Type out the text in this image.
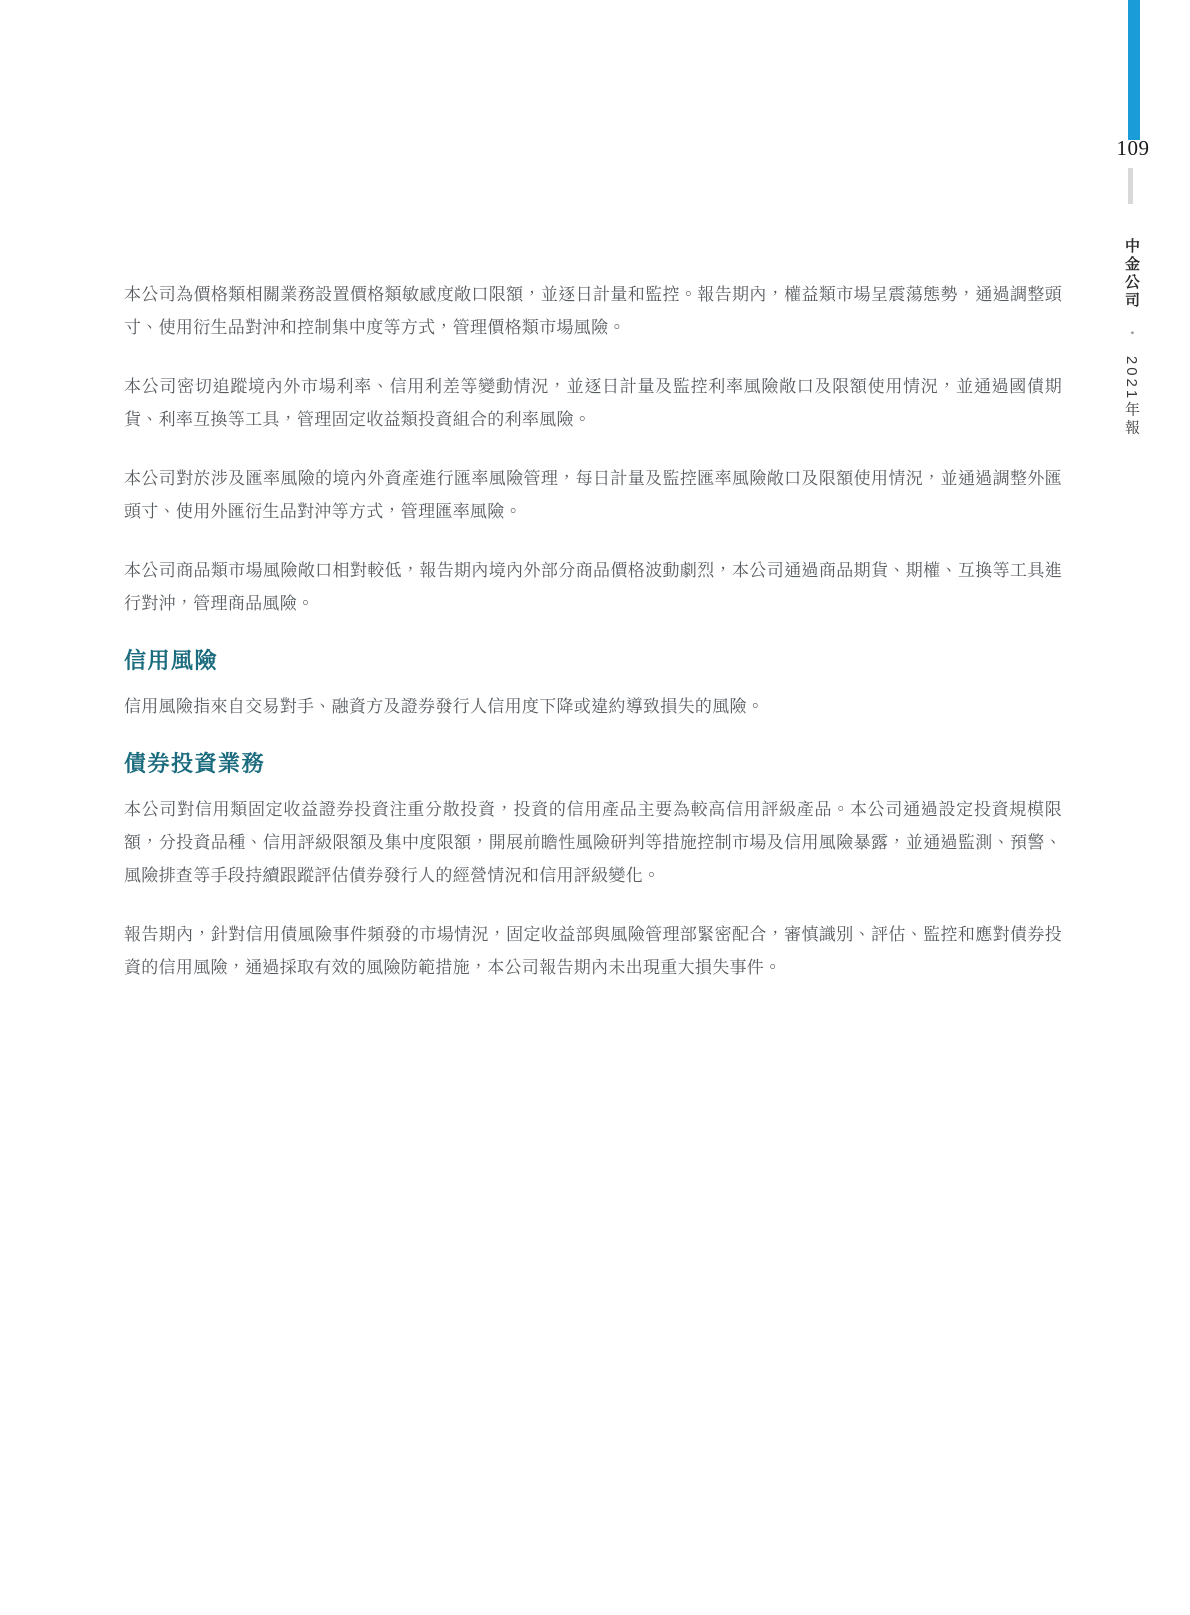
109
中金公司 • 2021年報

本公司為價格類相關業務設置價格類敏感度敞口限額，並逐日計量和監控。報告期內，權益類市場呈震蕩態勢，通過調整頭寸、使用衍生品對沖和控制集中度等方式，管理價格類市場風險。

本公司密切追蹤境內外市場利率、信用利差等變動情況，並逐日計量及監控利率風險敞口及限額使用情況，並通過國債期貨、利率互換等工具，管理固定收益類投資組合的利率風險。

本公司對於涉及匯率風險的境內外資產進行匯率風險管理，每日計量及監控匯率風險敞口及限額使用情況，並通過調整外匯頭寸、使用外匯衍生品對沖等方式，管理匯率風險。

本公司商品類市場風險敞口相對較低，報告期內境內外部分商品價格波動劇烈，本公司通過商品期貨、期權、互換等工具進行對沖，管理商品風險。

信用風險

信用風險指來自交易對手、融資方及證券發行人信用度下降或違約導致損失的風險。

債券投資業務

本公司對信用類固定收益證券投資注重分散投資，投資的信用產品主要為較高信用評級產品。本公司通過設定投資規模限額，分投資品種、信用評級限額及集中度限額，開展前瞻性風險研判等措施控制市場及信用風險暴露，並通過監測、預警、風險排查等手段持續跟蹤評估債券發行人的經營情況和信用評級變化。

報告期內，針對信用債風險事件頻發的市場情況，固定收益部與風險管理部緊密配合，審慎識別、評估、監控和應對債券投資的信用風險，通過採取有效的風險防範措施，本公司報告期內未出現重大損失事件。
